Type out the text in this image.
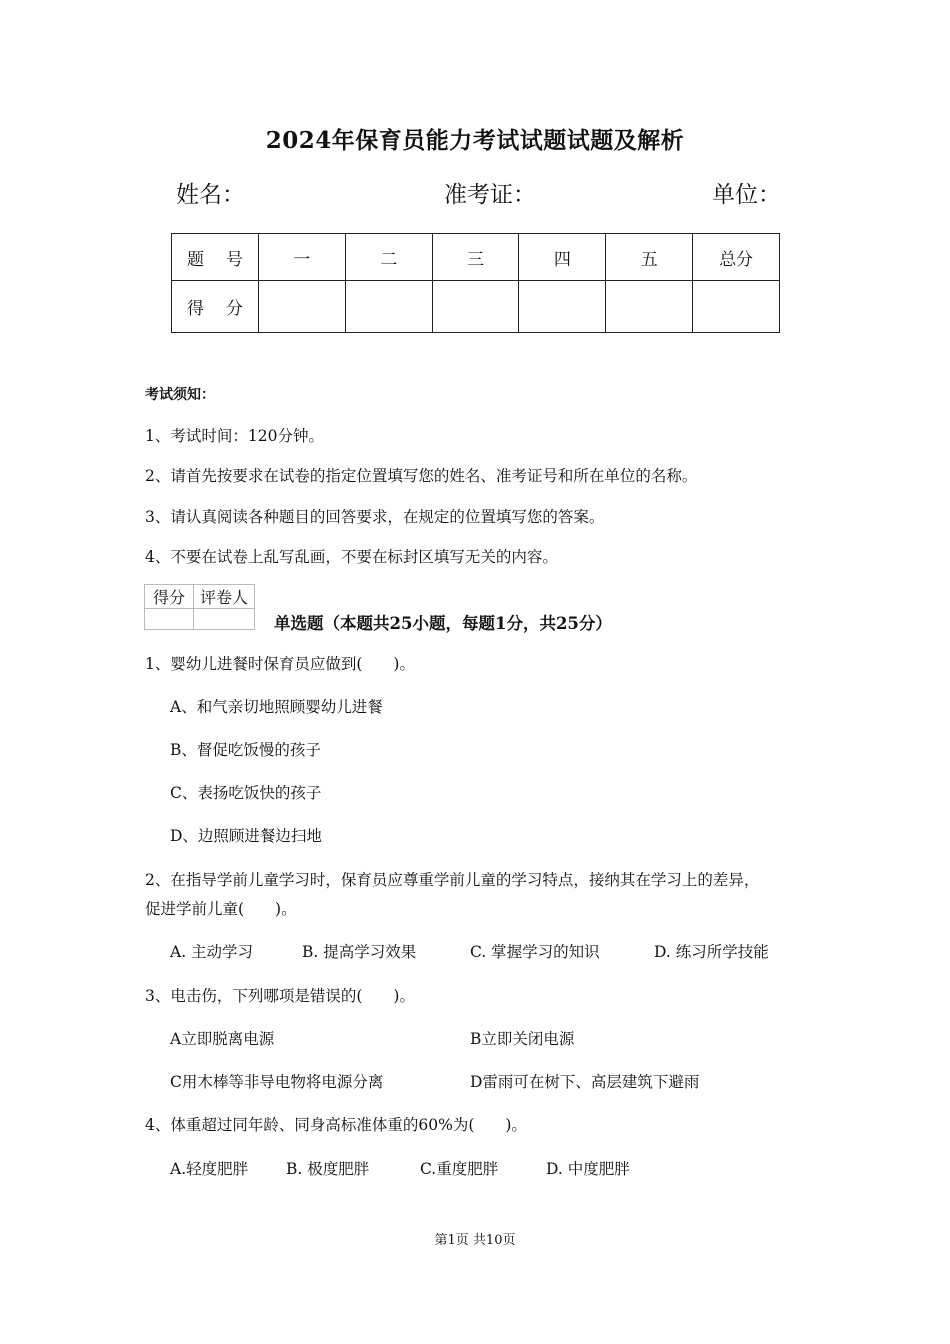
2024年保育员能力考试试题试题及解析
姓名：	准考证：	单位：
题 号	一	二	三	四	五	总分
得 分						
考试须知：
1、考试时间：120分钟。
2、请首先按要求在试卷的指定位置填写您的姓名、准考证号和所在单位的名称。
3、请认真阅读各种题目的回答要求，在规定的位置填写您的答案。
4、不要在试卷上乱写乱画，不要在标封区填写无关的内容。
得分	评卷人

单选题（本题共25小题，每题1分，共25分）
1、婴幼儿进餐时保育员应做到(　　)。
A、和气亲切地照顾婴幼儿进餐
B、督促吃饭慢的孩子
C、表扬吃饭快的孩子
D、边照顾进餐边扫地
2、在指导学前儿童学习时，保育员应尊重学前儿童的学习特点，接纳其在学习上的差异，
促进学前儿童(　　)。
A. 主动学习	B. 提高学习效果	C. 掌握学习的知识	D. 练习所学技能
3、电击伤，下列哪项是错误的(　　)。
A立即脱离电源	B立即关闭电源
C用木棒等非导电物将电源分离	D雷雨可在树下、高层建筑下避雨
4、体重超过同年龄、同身高标准体重的60%为(　　)。
A.轻度肥胖 B. 极度肥胖	C.重度肥胖	D. 中度肥胖
第1页 共10页
